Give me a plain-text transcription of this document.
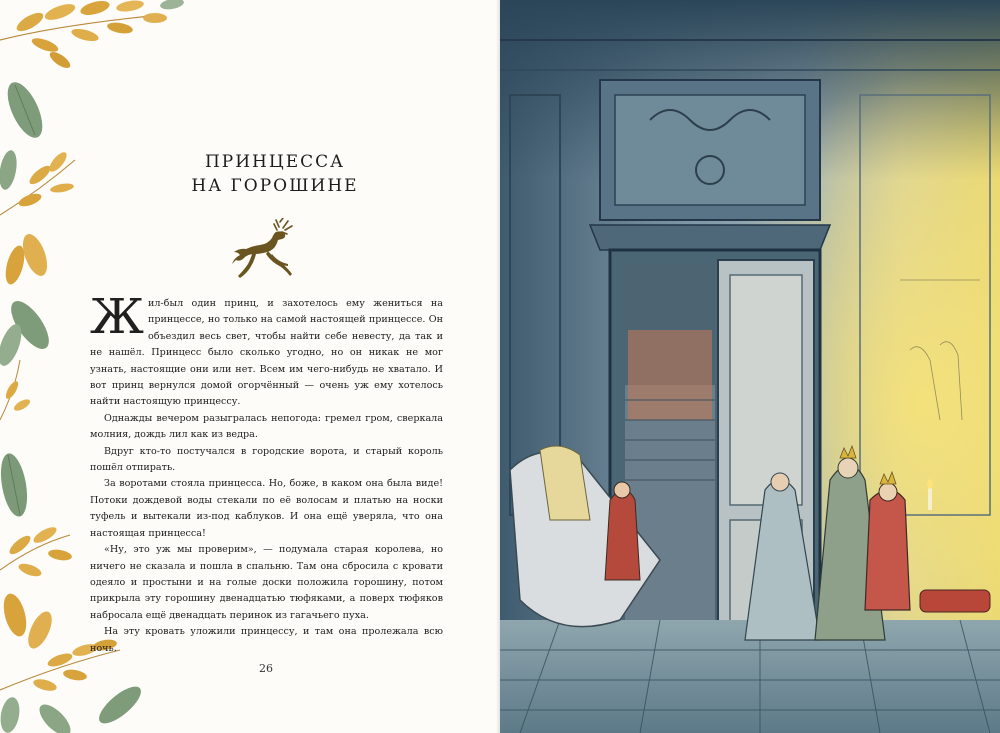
ПРИНЦЕССА
НА ГОРОШИНЕ

Жил-был один принц, и захотелось ему жениться на принцессе, но только на самой настоящей принцессе. Он объездил весь свет, чтобы найти себе невесту, да так и не нашёл. Принцесс было сколько угодно, но он никак не мог узнать, настоящие они или нет. Всем им чего-нибудь не хватало. И вот принц вернулся домой огорчённый — очень уж ему хотелось найти настоящую принцессу.

Однажды вечером разыгралась непогода: гремел гром, сверкала молния, дождь лил как из ведра.

Вдруг кто-то постучался в городские ворота, и старый король пошёл отпирать.

За воротами стояла принцесса. Но, боже, в каком она была виде! Потоки дождевой воды стекали по её волосам и платью на носки туфель и вытекали из-под каблуков. И она ещё уверяла, что она настоящая принцесса!

«Ну, это уж мы проверим», — подумала старая королева, но ничего не сказала и пошла в спальню. Там она сбросила с кровати одеяло и простыни и на голые доски положила горошину, потом прикрыла эту горошину двенадцатью тюфяками, а поверх тюфяков набросала ещё двенадцать перинок из гагачьего пуха.

На эту кровать уложили принцессу, и там она пролежала всю ночь.

26
